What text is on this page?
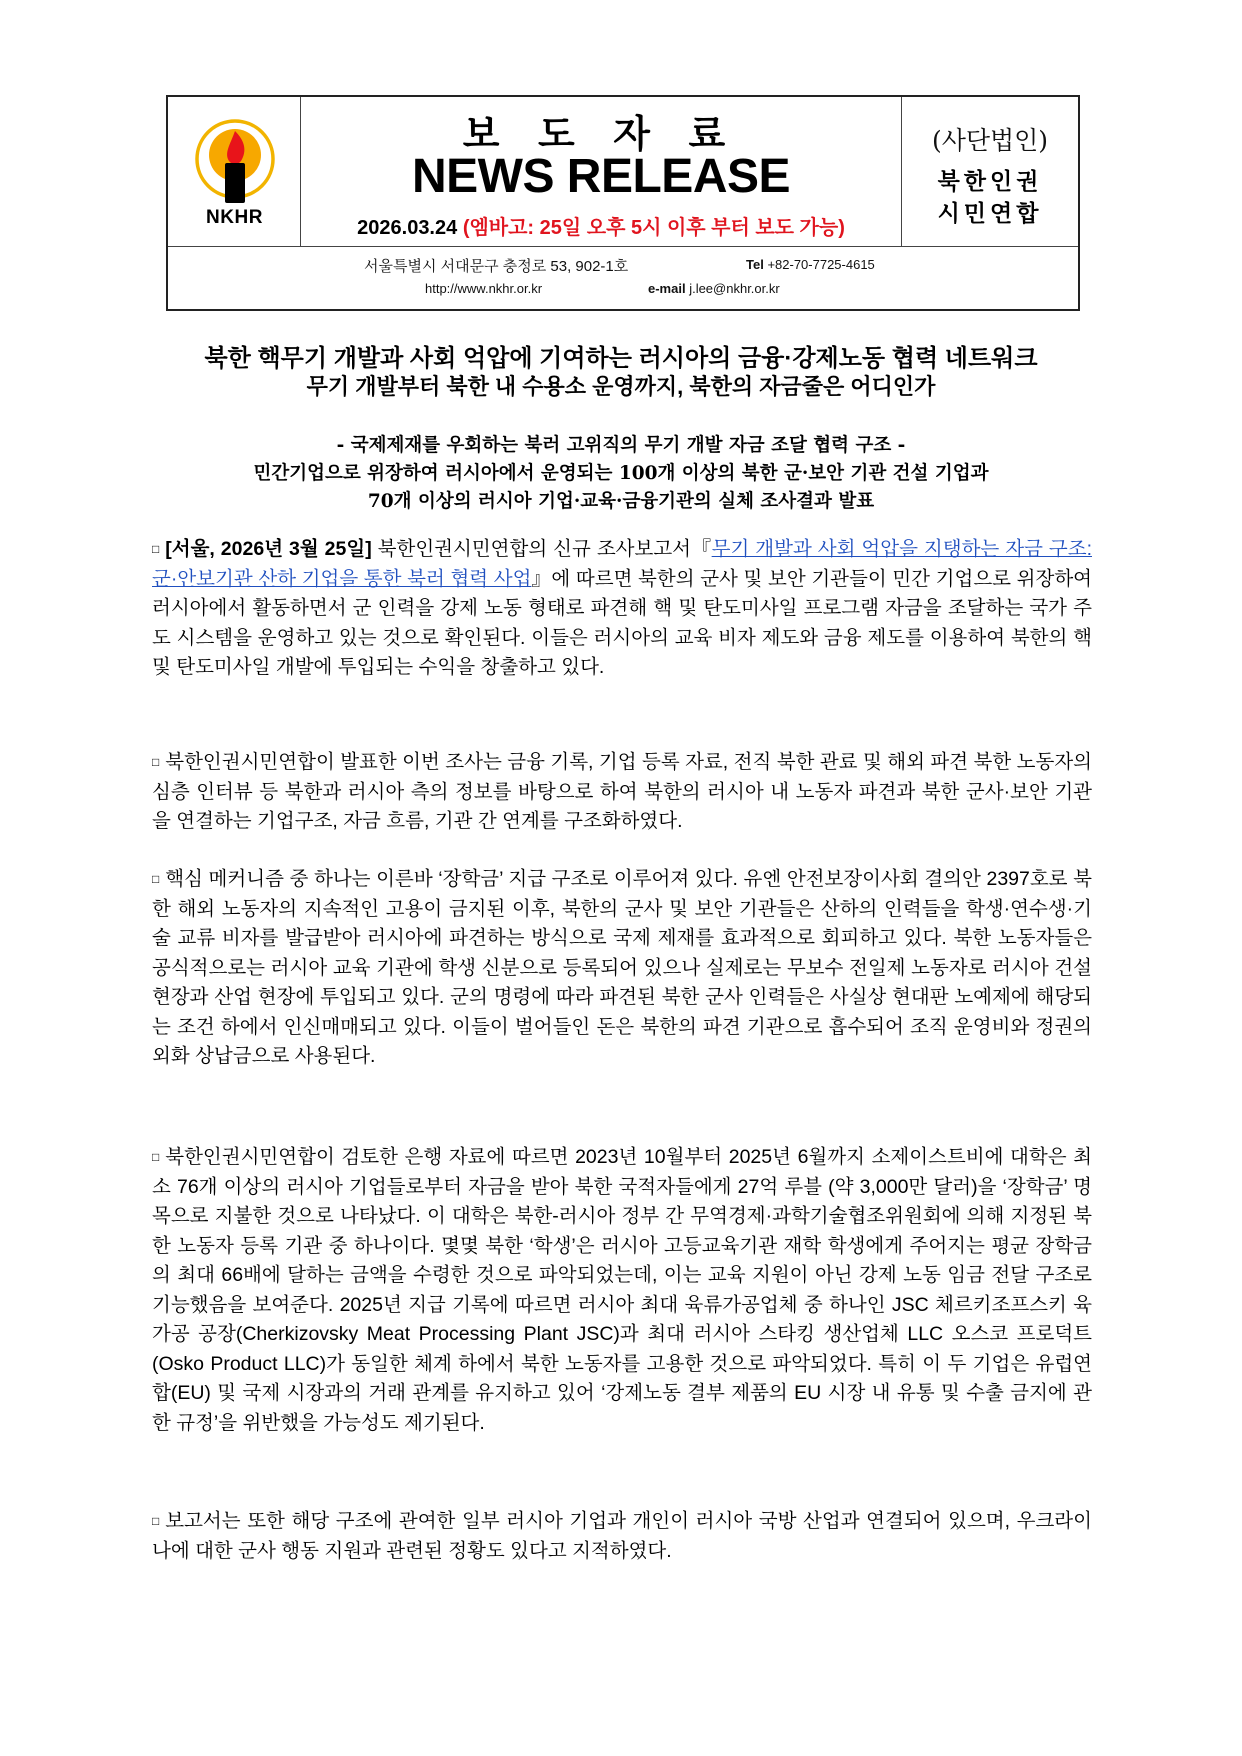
NKHR
보 도 자 료
NEWS RELEASE
2026.03.24 (엠바고: 25일 오후 5시 이후 부터 보도 가능)
(사단법인)
북한인권
시민연합
서울특별시 서대문구 충정로 53, 902-1호	Tel +82-70-7725-4615
http://www.nkhr.or.kr	e-mail j.lee@nkhr.or.kr
북한 핵무기 개발과 사회 억압에 기여하는 러시아의 금융·강제노동 협력 네트워크
무기 개발부터 북한 내 수용소 운영까지, 북한의 자금줄은 어디인가
- 국제제재를 우회하는 북러 고위직의 무기 개발 자금 조달 협력 구조 -
민간기업으로 위장하여 러시아에서 운영되는 100개 이상의 북한 군·보안 기관 건설 기업과
70개 이상의 러시아 기업·교육·금융기관의 실체 조사결과 발표
□ [서울, 2026년 3월 25일] 북한인권시민연합의 신규 조사보고서『무기 개발과 사회 억압을 지탱하는 자금 구조: 군·안보기관 산하 기업을 통한 북러 협력 사업』에 따르면 북한의 군사 및 보안 기관들이 민간 기업으로 위장하여 러시아에서 활동하면서 군 인력을 강제 노동 형태로 파견해 핵 및 탄도미사일 프로그램 자금을 조달하는 국가 주도 시스템을 운영하고 있는 것으로 확인된다. 이들은 러시아의 교육 비자 제도와 금융 제도를 이용하여 북한의 핵 및 탄도미사일 개발에 투입되는 수익을 창출하고 있다.
□ 북한인권시민연합이 발표한 이번 조사는 금융 기록, 기업 등록 자료, 전직 북한 관료 및 해외 파견 북한 노동자의 심층 인터뷰 등 북한과 러시아 측의 정보를 바탕으로 하여 북한의 러시아 내 노동자 파견과 북한 군사·보안 기관을 연결하는 기업구조, 자금 흐름, 기관 간 연계를 구조화하였다.
□ 핵심 메커니즘 중 하나는 이른바 ‘장학금’ 지급 구조로 이루어져 있다. 유엔 안전보장이사회 결의안 2397호로 북한 해외 노동자의 지속적인 고용이 금지된 이후, 북한의 군사 및 보안 기관들은 산하의 인력들을 학생·연수생·기술 교류 비자를 발급받아 러시아에 파견하는 방식으로 국제 제재를 효과적으로 회피하고 있다. 북한 노동자들은 공식적으로는 러시아 교육 기관에 학생 신분으로 등록되어 있으나 실제로는 무보수 전일제 노동자로 러시아 건설현장과 산업 현장에 투입되고 있다. 군의 명령에 따라 파견된 북한 군사 인력들은 사실상 현대판 노예제에 해당되는 조건 하에서 인신매매되고 있다. 이들이 벌어들인 돈은 북한의 파견 기관으로 흡수되어 조직 운영비와 정권의 외화 상납금으로 사용된다.
□ 북한인권시민연합이 검토한 은행 자료에 따르면 2023년 10월부터 2025년 6월까지 소제이스트비에 대학은 최소 76개 이상의 러시아 기업들로부터 자금을 받아 북한 국적자들에게 27억 루블 (약 3,000만 달러)을 ‘장학금’ 명목으로 지불한 것으로 나타났다. 이 대학은 북한-러시아 정부 간 무역경제·과학기술협조위원회에 의해 지정된 북한 노동자 등록 기관 중 하나이다. 몇몇 북한 ‘학생’은 러시아 고등교육기관 재학 학생에게 주어지는 평균 장학금의 최대 66배에 달하는 금액을 수령한 것으로 파악되었는데, 이는 교육 지원이 아닌 강제 노동 임금 전달 구조로 기능했음을 보여준다. 2025년 지급 기록에 따르면 러시아 최대 육류가공업체 중 하나인 JSC 체르키조프스키 육가공 공장(Cherkizovsky Meat Processing Plant JSC)과 최대 러시아 스타킹 생산업체 LLC 오스코 프로덕트(Osko Product LLC)가 동일한 체계 하에서 북한 노동자를 고용한 것으로 파악되었다. 특히 이 두 기업은 유럽연합(EU) 및 국제 시장과의 거래 관계를 유지하고 있어 ‘강제노동 결부 제품의 EU 시장 내 유통 및 수출 금지에 관한 규정’을 위반했을 가능성도 제기된다.
□ 보고서는 또한 해당 구조에 관여한 일부 러시아 기업과 개인이 러시아 국방 산업과 연결되어 있으며, 우크라이나에 대한 군사 행동 지원과 관련된 정황도 있다고 지적하였다.
